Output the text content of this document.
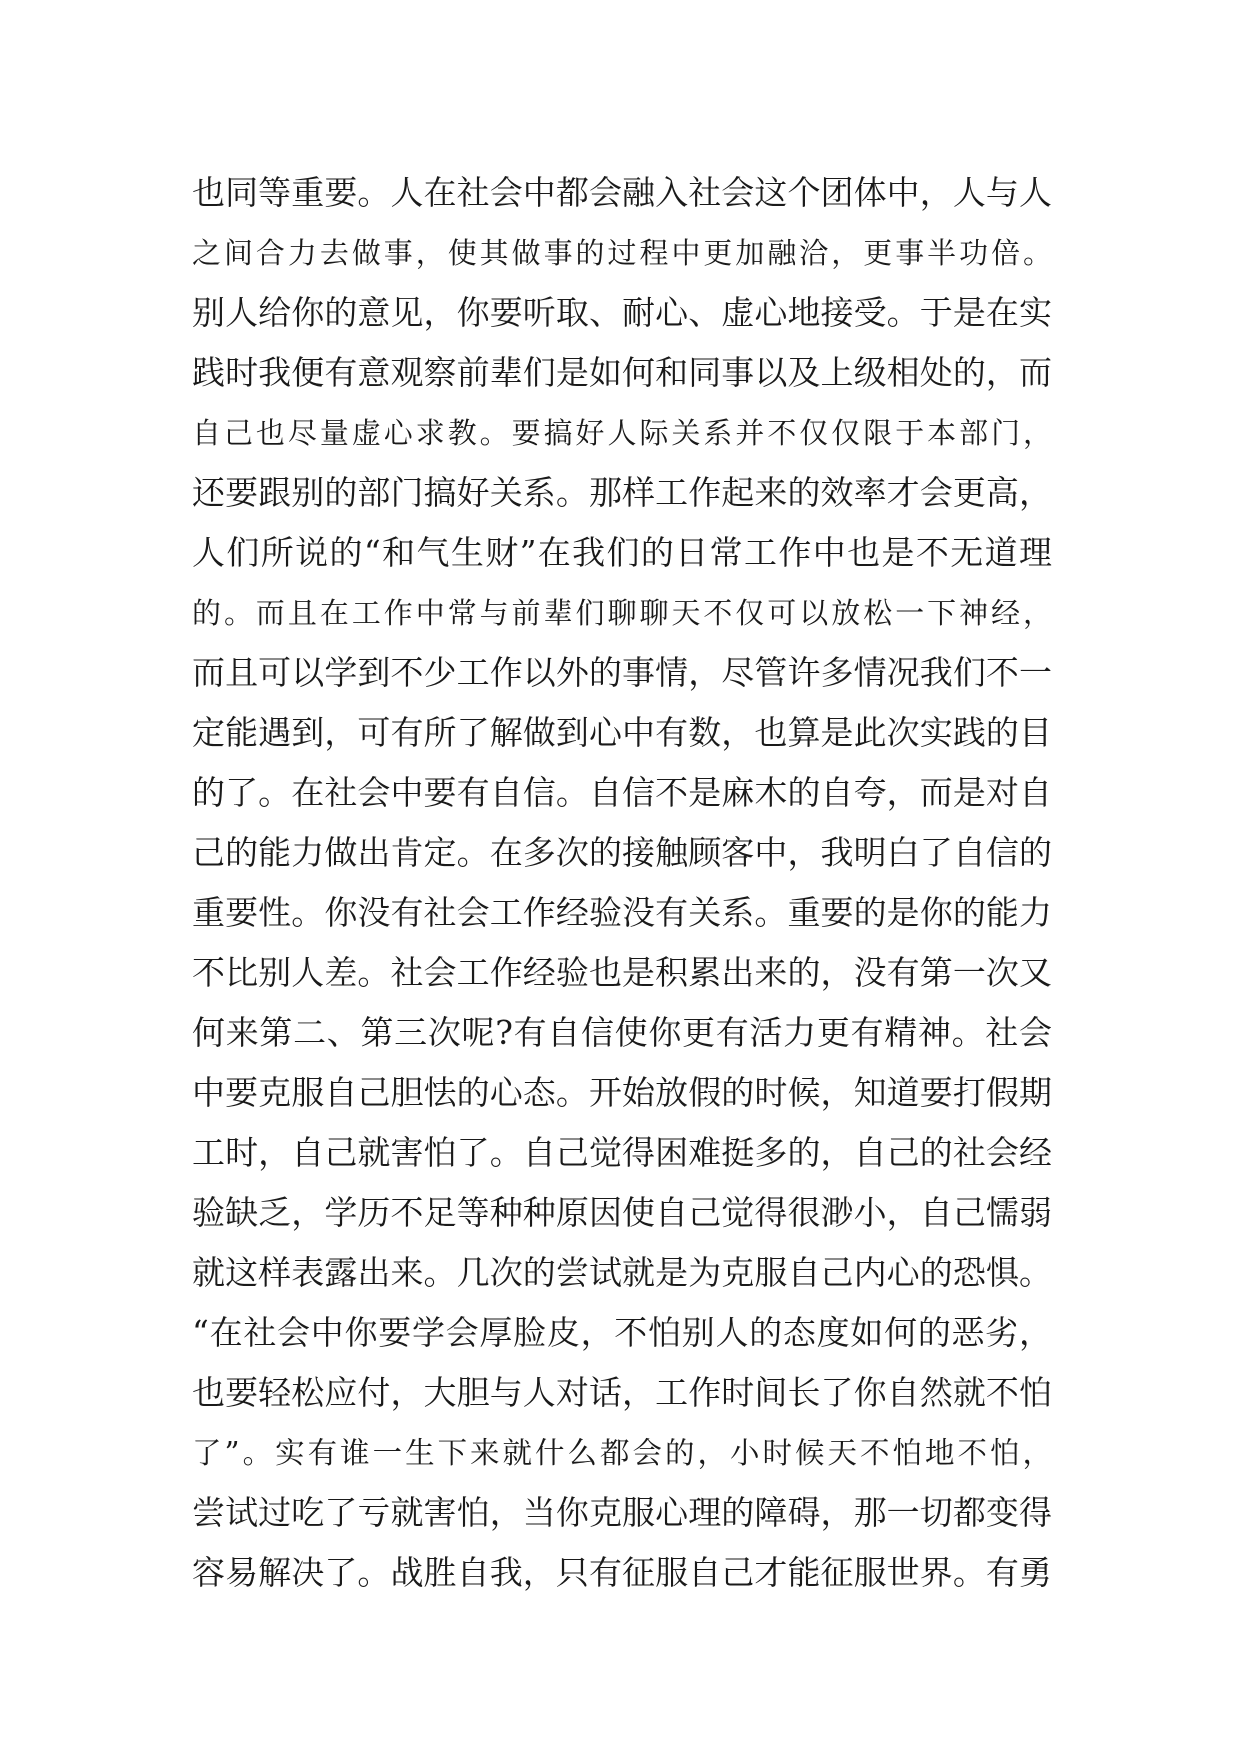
也同等重要。人在社会中都会融入社会这个团体中，人与人
之间合力去做事，使其做事的过程中更加融洽，更事半功倍。
别人给你的意见，你要听取、耐心、虚心地接受。于是在实
践时我便有意观察前辈们是如何和同事以及上级相处的，而
自己也尽量虚心求教。要搞好人际关系并不仅仅限于本部门，
还要跟别的部门搞好关系。那样工作起来的效率才会更高，
人们所说的“和气生财”在我们的日常工作中也是不无道理
的。而且在工作中常与前辈们聊聊天不仅可以放松一下神经，
而且可以学到不少工作以外的事情，尽管许多情况我们不一
定能遇到，可有所了解做到心中有数，也算是此次实践的目
的了。在社会中要有自信。自信不是麻木的自夸，而是对自
己的能力做出肯定。在多次的接触顾客中，我明白了自信的
重要性。你没有社会工作经验没有关系。重要的是你的能力
不比别人差。社会工作经验也是积累出来的，没有第一次又
何来第二、第三次呢?有自信使你更有活力更有精神。社会
中要克服自己胆怯的心态。开始放假的时候，知道要打假期
工时，自己就害怕了。自己觉得困难挺多的，自己的社会经
验缺乏，学历不足等种种原因使自己觉得很渺小，自己懦弱
就这样表露出来。几次的尝试就是为克服自己内心的恐惧。
“在社会中你要学会厚脸皮，不怕别人的态度如何的恶劣，
也要轻松应付，大胆与人对话，工作时间长了你自然就不怕
了”。实有谁一生下来就什么都会的，小时候天不怕地不怕，
尝试过吃了亏就害怕，当你克服心理的障碍，那一切都变得
容易解决了。战胜自我，只有征服自己才能征服世界。有勇
